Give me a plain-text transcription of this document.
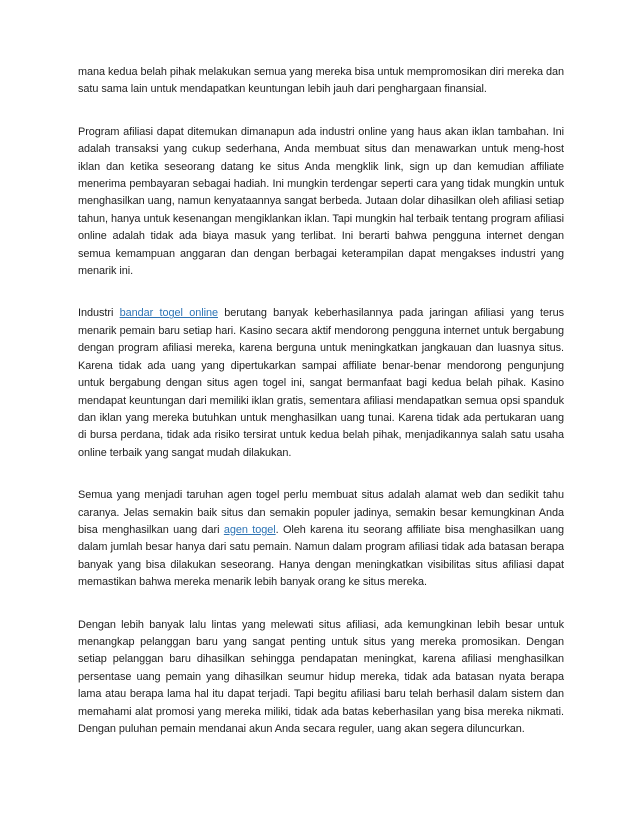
mana kedua belah pihak melakukan semua yang mereka bisa untuk mempromosikan diri mereka dan satu sama lain untuk mendapatkan keuntungan lebih jauh dari penghargaan finansial.

Program afiliasi dapat ditemukan dimanapun ada industri online yang haus akan iklan tambahan. Ini adalah transaksi yang cukup sederhana, Anda membuat situs dan menawarkan untuk meng-host iklan dan ketika seseorang datang ke situs Anda mengklik link, sign up dan kemudian affiliate menerima pembayaran sebagai hadiah. Ini mungkin terdengar seperti cara yang tidak mungkin untuk menghasilkan uang, namun kenyataannya sangat berbeda. Jutaan dolar dihasilkan oleh afiliasi setiap tahun, hanya untuk kesenangan mengiklankan iklan. Tapi mungkin hal terbaik tentang program afiliasi online adalah tidak ada biaya masuk yang terlibat. Ini berarti bahwa pengguna internet dengan semua kemampuan anggaran dan dengan berbagai keterampilan dapat mengakses industri yang menarik ini.

Industri bandar togel online berutang banyak keberhasilannya pada jaringan afiliasi yang terus menarik pemain baru setiap hari. Kasino secara aktif mendorong pengguna internet untuk bergabung dengan program afiliasi mereka, karena berguna untuk meningkatkan jangkauan dan luasnya situs. Karena tidak ada uang yang dipertukarkan sampai affiliate benar-benar mendorong pengunjung untuk bergabung dengan situs agen togel ini, sangat bermanfaat bagi kedua belah pihak. Kasino mendapat keuntungan dari memiliki iklan gratis, sementara afiliasi mendapatkan semua opsi spanduk dan iklan yang mereka butuhkan untuk menghasilkan uang tunai. Karena tidak ada pertukaran uang di bursa perdana, tidak ada risiko tersirat untuk kedua belah pihak, menjadikannya salah satu usaha online terbaik yang sangat mudah dilakukan.

Semua yang menjadi taruhan agen togel perlu membuat situs adalah alamat web dan sedikit tahu caranya. Jelas semakin baik situs dan semakin populer jadinya, semakin besar kemungkinan Anda bisa menghasilkan uang dari agen togel. Oleh karena itu seorang affiliate bisa menghasilkan uang dalam jumlah besar hanya dari satu pemain. Namun dalam program afiliasi tidak ada batasan berapa banyak yang bisa dilakukan seseorang. Hanya dengan meningkatkan visibilitas situs afiliasi dapat memastikan bahwa mereka menarik lebih banyak orang ke situs mereka.

Dengan lebih banyak lalu lintas yang melewati situs afiliasi, ada kemungkinan lebih besar untuk menangkap pelanggan baru yang sangat penting untuk situs yang mereka promosikan. Dengan setiap pelanggan baru dihasilkan sehingga pendapatan meningkat, karena afiliasi menghasilkan persentase uang pemain yang dihasilkan seumur hidup mereka, tidak ada batasan nyata berapa lama atau berapa lama hal itu dapat terjadi. Tapi begitu afiliasi baru telah berhasil dalam sistem dan memahami alat promosi yang mereka miliki, tidak ada batas keberhasilan yang bisa mereka nikmati. Dengan puluhan pemain mendanai akun Anda secara reguler, uang akan segera diluncurkan.
